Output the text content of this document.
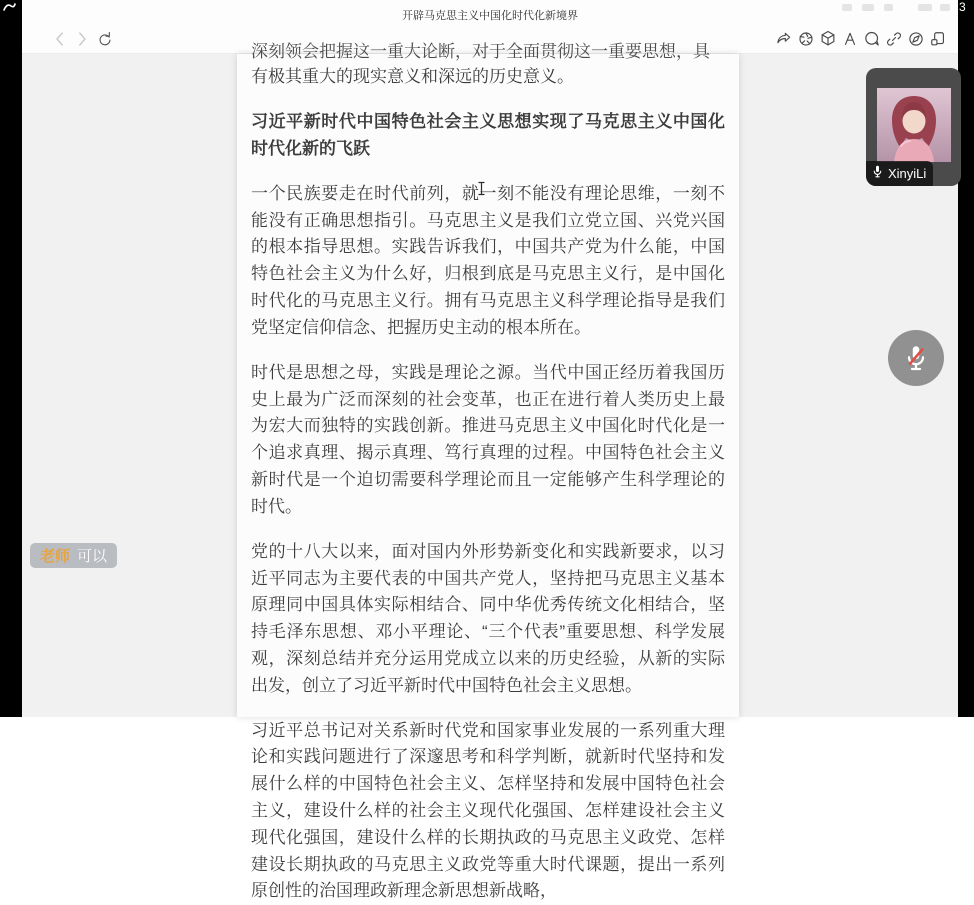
3
开辟马克思主义中国化时代化新境界
深刻领会把握这一重大论断，对于全面贯彻这一重要思想，具

有极其重大的现实意义和深远的历史意义。

习近平新时代中国特色社会主义思想实现了马克思主义中国化时代化新的飞跃

一个民族要走在时代前列，就一刻不能没有理论思维，一刻不能没有正确思想指引。马克思主义是我们立党立国、兴党兴国的根本指导思想。实践告诉我们，中国共产党为什么能，中国特色社会主义为什么好，归根到底是马克思主义行，是中国化时代化的马克思主义行。拥有马克思主义科学理论指导是我们党坚定信仰信念、把握历史主动的根本所在。

时代是思想之母，实践是理论之源。当代中国正经历着我国历史上最为广泛而深刻的社会变革，也正在进行着人类历史上最为宏大而独特的实践创新。推进马克思主义中国化时代化是一个追求真理、揭示真理、笃行真理的过程。中国特色社会主义新时代是一个迫切需要科学理论而且一定能够产生科学理论的时代。

党的十八大以来，面对国内外形势新变化和实践新要求，以习近平同志为主要代表的中国共产党人，坚持把马克思主义基本原理同中国具体实际相结合、同中华优秀传统文化相结合，坚持毛泽东思想、邓小平理论、“三个代表”重要思想、科学发展观，深刻总结并充分运用党成立以来的历史经验，从新的实际出发，创立了习近平新时代中国特色社会主义思想。

习近平总书记对关系新时代党和国家事业发展的一系列重大理论和实践问题进行了深邃思考和科学判断，就新时代坚持和发展什么样的中国特色社会主义、怎样坚持和发展中国特色社会主义，建设什么样的社会主义现代化强国、怎样建设社会主义现代化强国，建设什么样的长期执政的马克思主义政党、怎样建设长期执政的马克思主义政党等重大时代课题，提出一系列原创性的治国理政新理念新思想新战略，

XinyiLi
老师 可以
